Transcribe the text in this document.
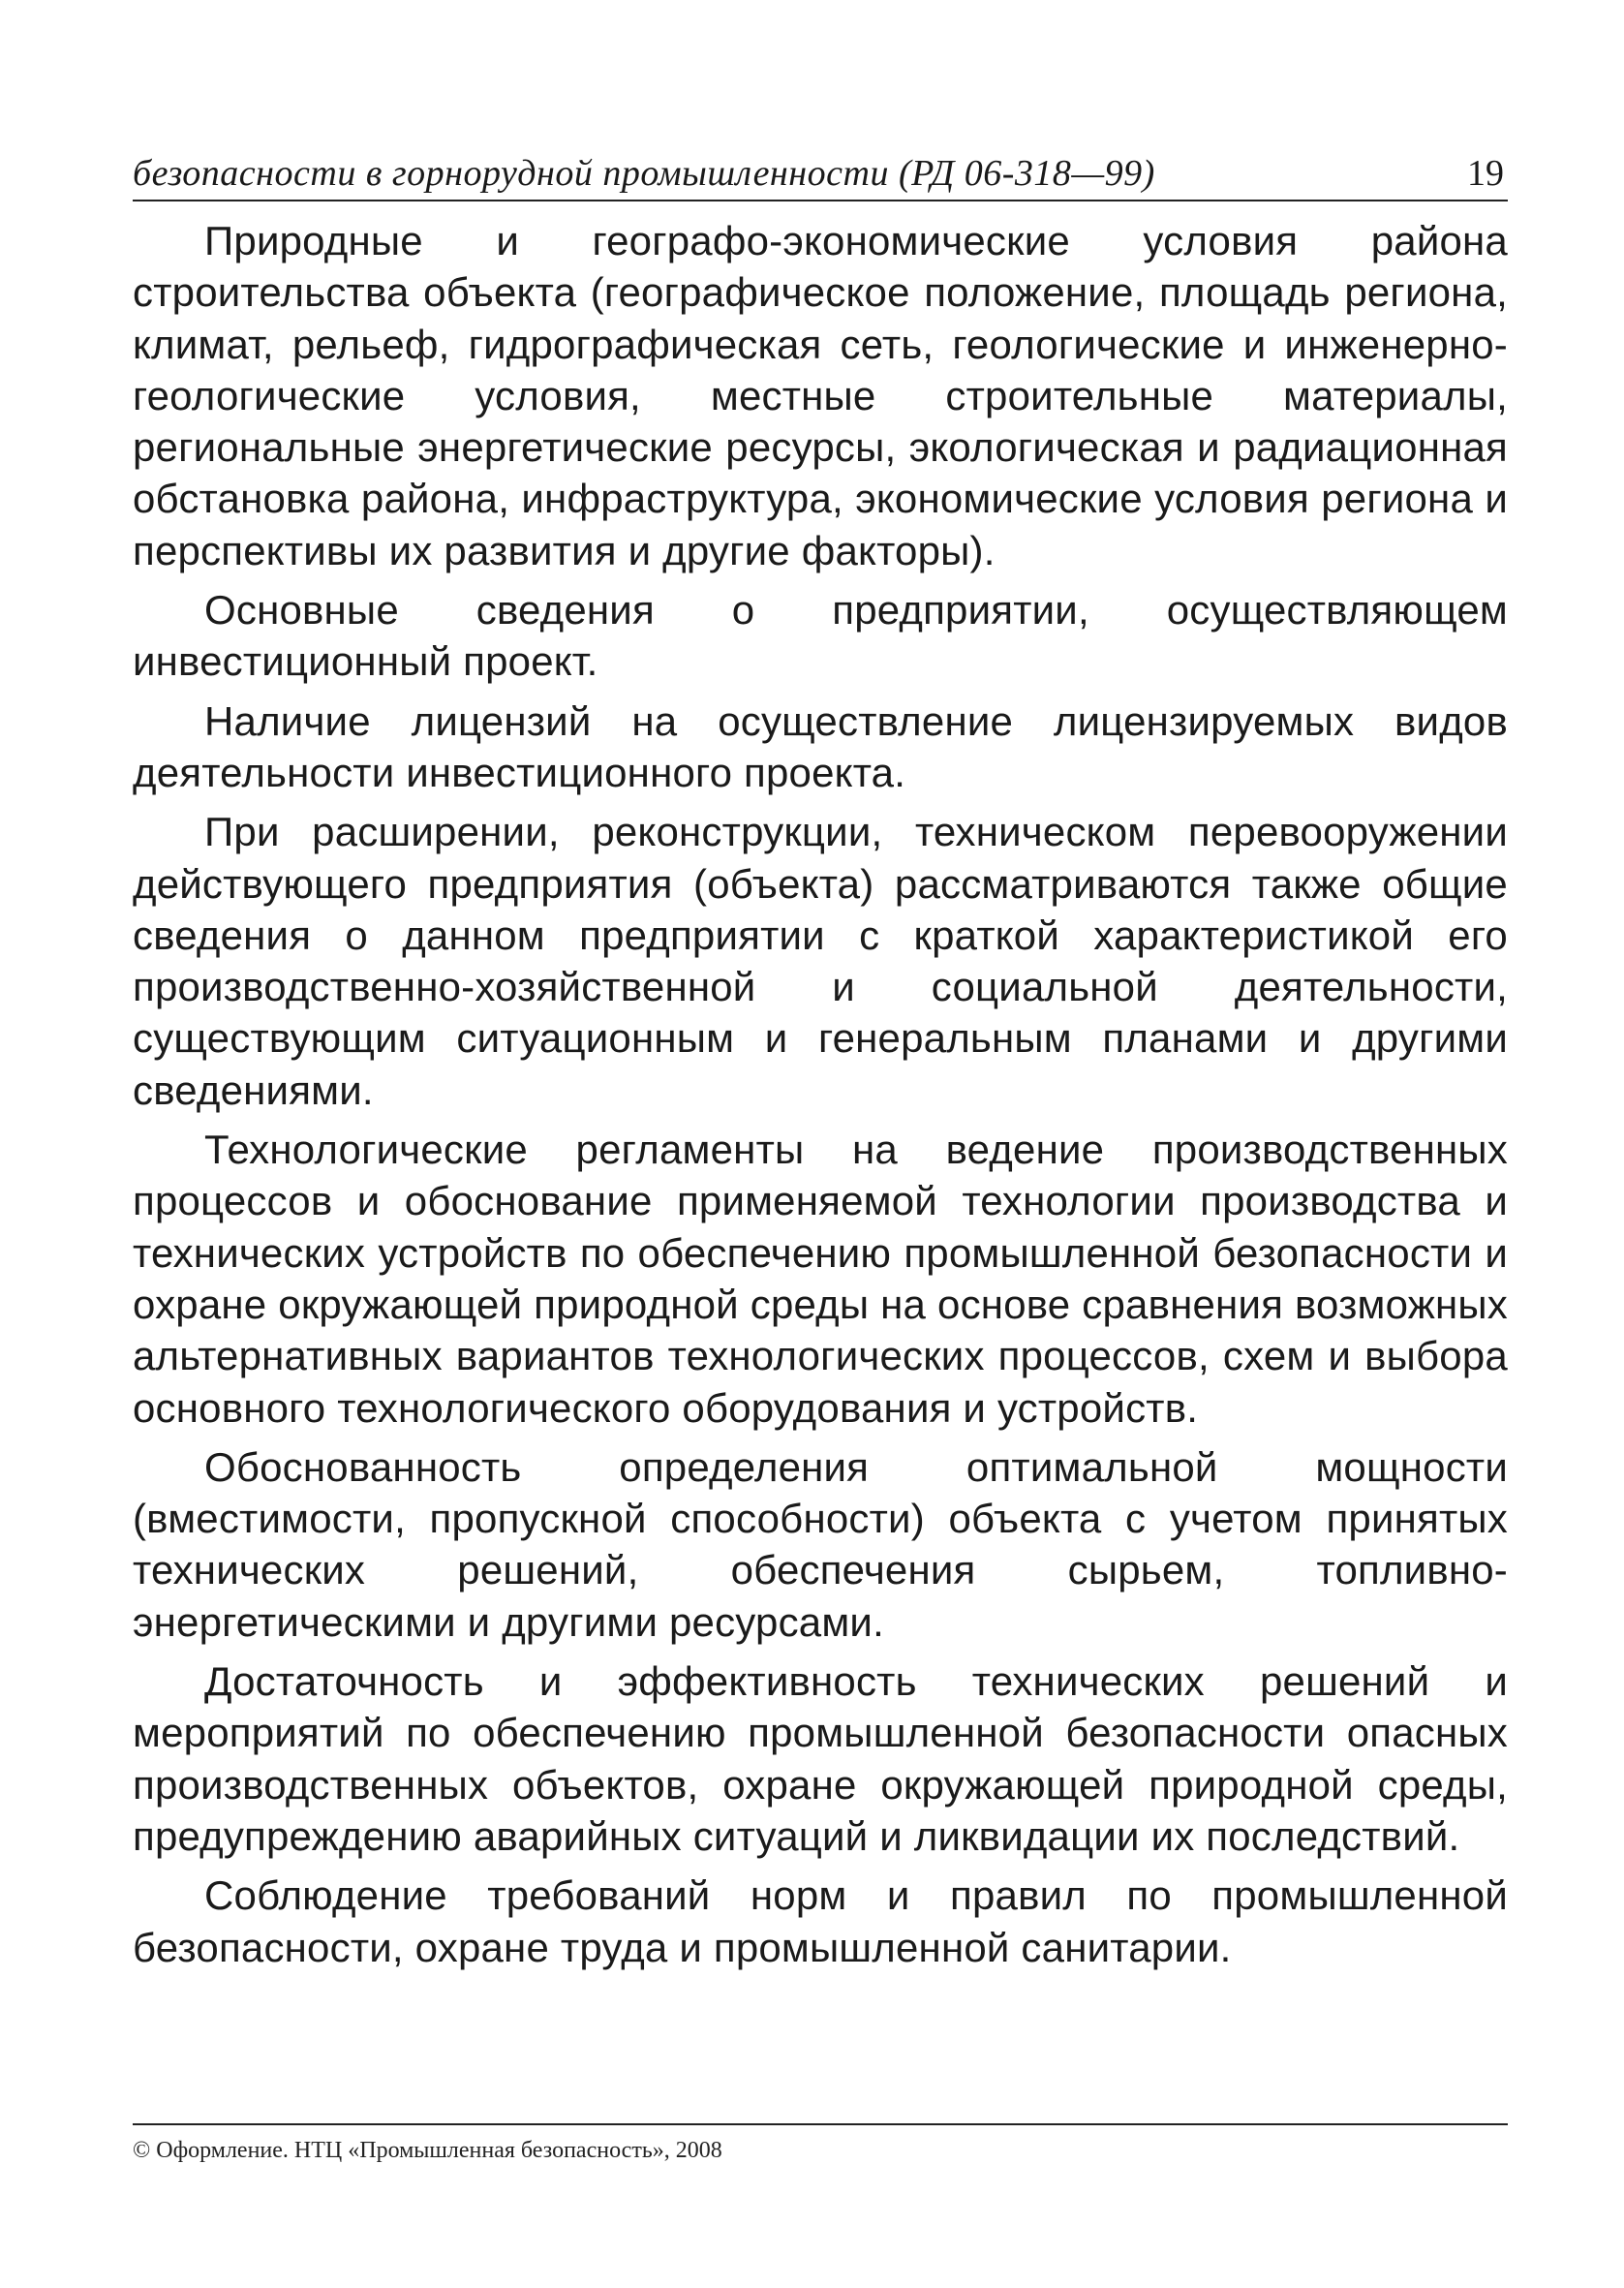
безопасности в горнорудной промышленности (РД 06-318—99)	19

Природные и географо-экономические условия района строительства объекта (географическое положение, площадь региона, климат, рельеф, гидрографическая сеть, геологические и инженерно-геологические условия, местные строительные материалы, региональные энергетические ресурсы, экологическая и радиационная обстановка района, инфраструктура, экономические условия региона и перспективы их развития и другие факторы).

Основные сведения о предприятии, осуществляющем инвестиционный проект.

Наличие лицензий на осуществление лицензируемых видов деятельности инвестиционного проекта.

При расширении, реконструкции, техническом перевооружении действующего предприятия (объекта) рассматриваются также общие сведения о данном предприятии с краткой характеристикой его производственно-хозяйственной и социальной деятельности, существующим ситуационным и генеральным планами и другими сведениями.

Технологические регламенты на ведение производственных процессов и обоснование применяемой технологии производства и технических устройств по обеспечению промышленной безопасности и охране окружающей природной среды на основе сравнения возможных альтернативных вариантов технологических процессов, схем и выбора основного технологического оборудования и устройств.

Обоснованность определения оптимальной мощности (вместимости, пропускной способности) объекта с учетом принятых технических решений, обеспечения сырьем, топливно-энергетическими и другими ресурсами.

Достаточность и эффективность технических решений и мероприятий по обеспечению промышленной безопасности опасных производственных объектов, охране окружающей природной среды, предупреждению аварийных ситуаций и ликвидации их последствий.

Соблюдение требований норм и правил по промышленной безопасности, охране труда и промышленной санитарии.

© Оформление. НТЦ «Промышленная безопасность», 2008
